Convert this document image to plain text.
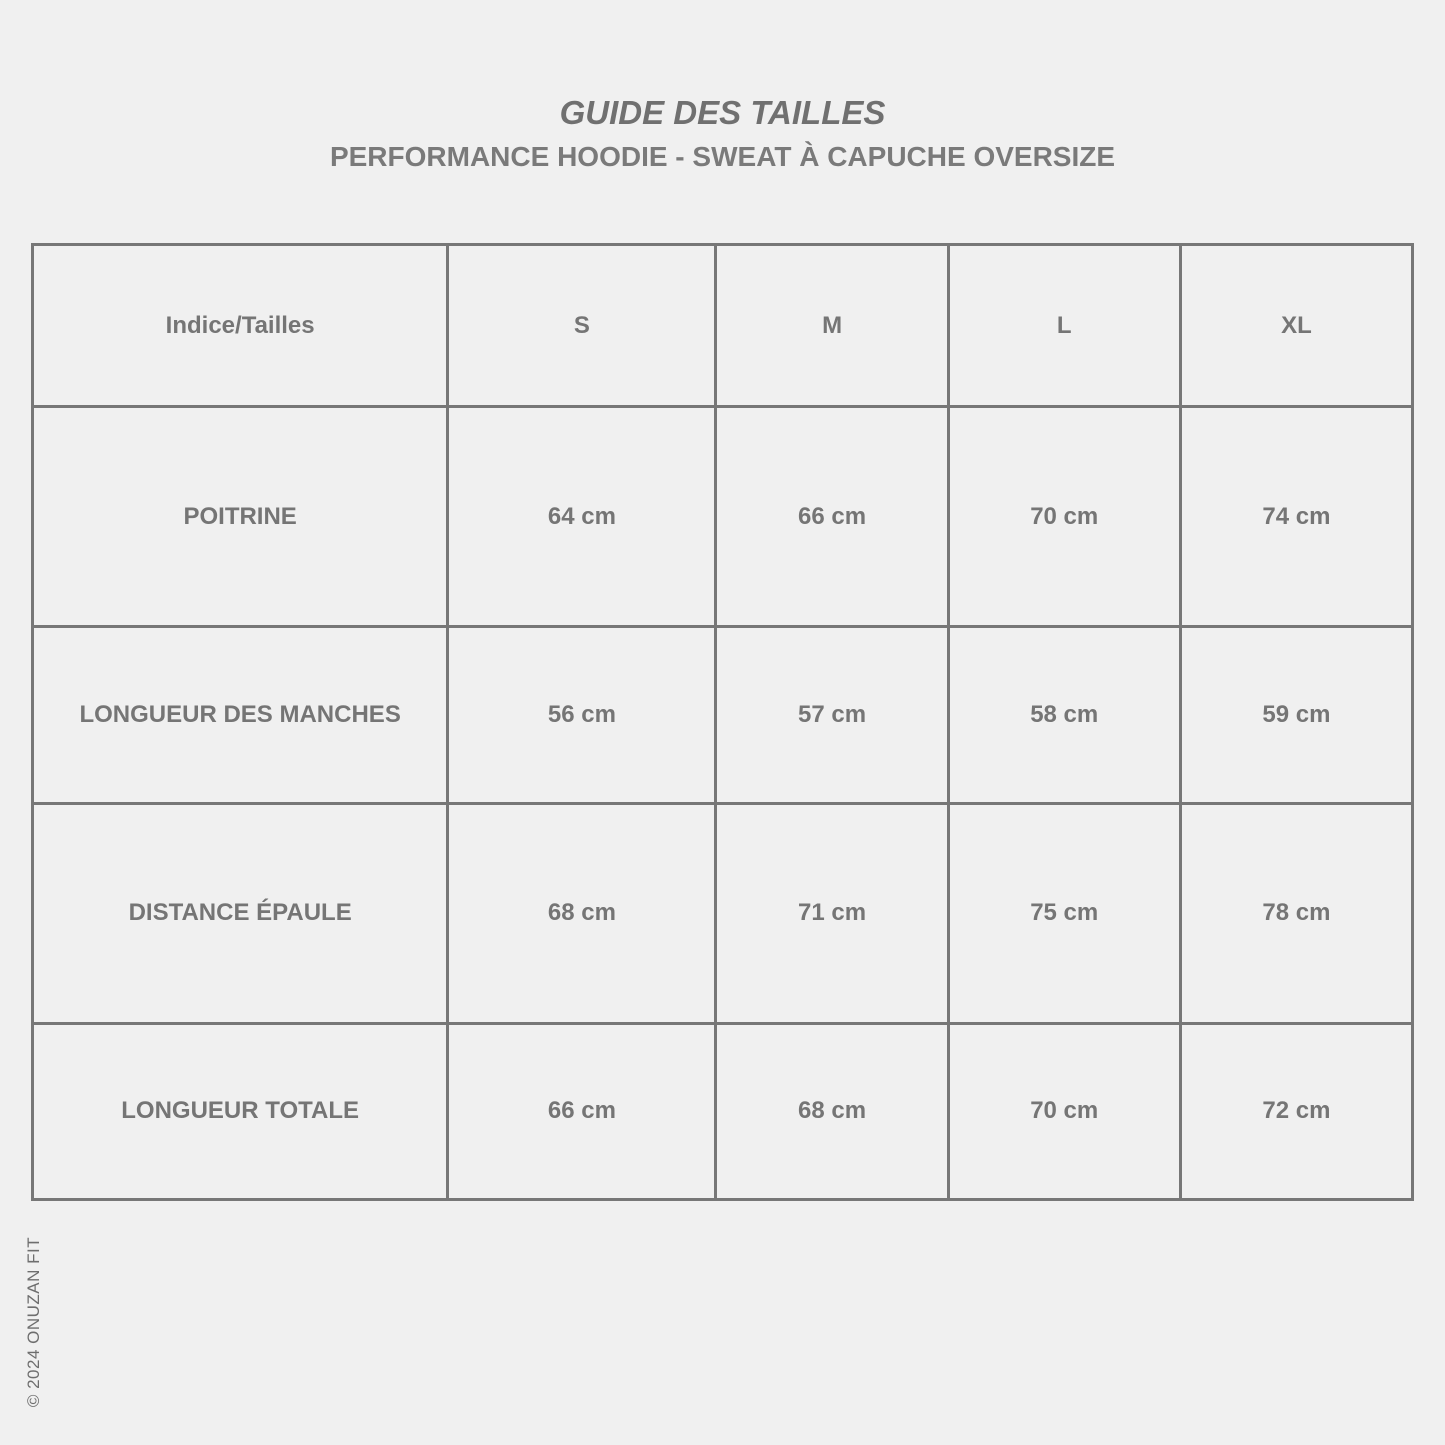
GUIDE DES TAILLES
PERFORMANCE HOODIE - SWEAT À CAPUCHE OVERSIZE
Indice/Tailles	S	M	L	XL
POITRINE	64 cm	66 cm	70 cm	74 cm
LONGUEUR DES MANCHES	56 cm	57 cm	58 cm	59 cm
DISTANCE ÉPAULE	68 cm	71 cm	75 cm	78 cm
LONGUEUR TOTALE	66 cm	68 cm	70 cm	72 cm
© 2024 ONUZAN FIT
